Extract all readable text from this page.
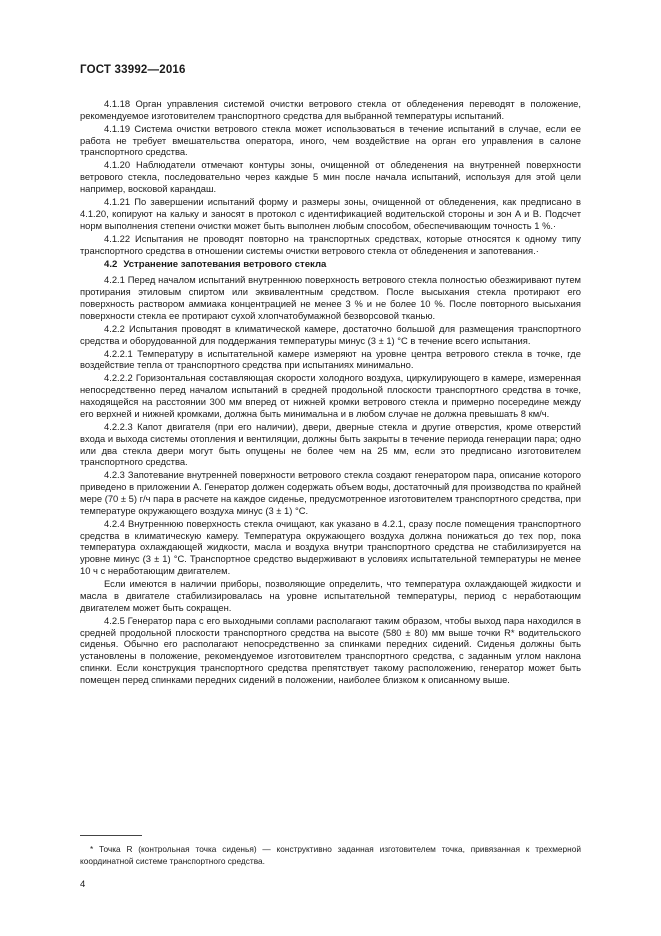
ГОСТ 33992—2016

4.1.18 Орган управления системой очистки ветрового стекла от обледенения переводят в положение, рекомендуемое изготовителем транспортного средства для выбранной температуры испытаний.

4.1.19 Система очистки ветрового стекла может использоваться в течение испытаний в случае, если ее работа не требует вмешательства оператора, иного, чем воздействие на орган его управления в салоне транспортного средства.

4.1.20 Наблюдатели отмечают контуры зоны, очищенной от обледенения на внутренней поверхности ветрового стекла, последовательно через каждые 5 мин после начала испытаний, используя для этой цели например, восковой карандаш.

4.1.21 По завершении испытаний форму и размеры зоны, очищенной от обледенения, как предписано в 4.1.20, копируют на кальку и заносят в протокол с идентификацией водительской стороны и зон A и B. Подсчет норм выполнения степени очистки может быть выполнен любым способом, обеспечивающим точность 1 %.·

4.1.22 Испытания не проводят повторно на транспортных средствах, которые относятся к одному типу транспортного средства в отношении системы очистки ветрового стекла от обледенения и запотевания.·

4.2 Устранение запотевания ветрового стекла

4.2.1 Перед началом испытаний внутреннюю поверхность ветрового стекла полностью обезжиривают путем протирания этиловым спиртом или эквивалентным средством. После высыхания стекла протирают его поверхность раствором аммиака концентрацией не менее 3 % и не более 10 %. После повторного высыхания поверхности стекла ее протирают сухой хлопчатобумажной безворсовой тканью.

4.2.2 Испытания проводят в климатической камере, достаточно большой для размещения транспортного средства и оборудованной для поддержания температуры минус (3 ± 1) °С в течение всего испытания.

4.2.2.1 Температуру в испытательной камере измеряют на уровне центра ветрового стекла в точке, где воздействие тепла от транспортного средства при испытаниях минимально.

4.2.2.2 Горизонтальная составляющая скорости холодного воздуха, циркулирующего в камере, измеренная непосредственно перед началом испытаний в средней продольной плоскости транспортного средства в точке, находящейся на расстоянии 300 мм вперед от нижней кромки ветрового стекла и примерно посередине между его верхней и нижней кромками, должна быть минимальна и в любом случае не должна превышать 8 км/ч.

4.2.2.3 Капот двигателя (при его наличии), двери, дверные стекла и другие отверстия, кроме отверстий входа и выхода системы отопления и вентиляции, должны быть закрыты в течение периода генерации пара; одно или два стекла двери могут быть опущены не более чем на 25 мм, если это предписано изготовителем транспортного средства.

4.2.3 Запотевание внутренней поверхности ветрового стекла создают генератором пара, описание которого приведено в приложении А. Генератор должен содержать объем воды, достаточный для производства по крайней мере (70 ± 5) г/ч пара в расчете на каждое сиденье, предусмотренное изготовителем транспортного средства, при температуре окружающего воздуха минус (3 ± 1) °С.

4.2.4 Внутреннюю поверхность стекла очищают, как указано в 4.2.1, сразу после помещения транспортного средства в климатическую камеру. Температура окружающего воздуха должна понижаться до тех пор, пока температура охлаждающей жидкости, масла и воздуха внутри транспортного средства не стабилизируется на уровне минус (3 ± 1) °С. Транспортное средство выдерживают в условиях испытательной температуры не менее 10 ч с неработающим двигателем.

Если имеются в наличии приборы, позволяющие определить, что температура охлаждающей жидкости и масла в двигателе стабилизировалась на уровне испытательной температуры, период с неработающим двигателем может быть сокращен.

4.2.5 Генератор пара с его выходными соплами располагают таким образом, чтобы выход пара находился в средней продольной плоскости транспортного средства на высоте (580 ± 80) мм выше точки R* водительского сиденья. Обычно его располагают непосредственно за спинками передних сидений. Сиденья должны быть установлены в положение, рекомендуемое изготовителем транспортного средства, с заданным углом наклона спинки. Если конструкция транспортного средства препятствует такому расположению, генератор может быть помещен перед спинками передних сидений в положении, наиболее близком к описанному выше.

* Точка R (контрольная точка сиденья) — конструктивно заданная изготовителем точка, привязанная к трехмерной координатной системе транспортного средства.
4
